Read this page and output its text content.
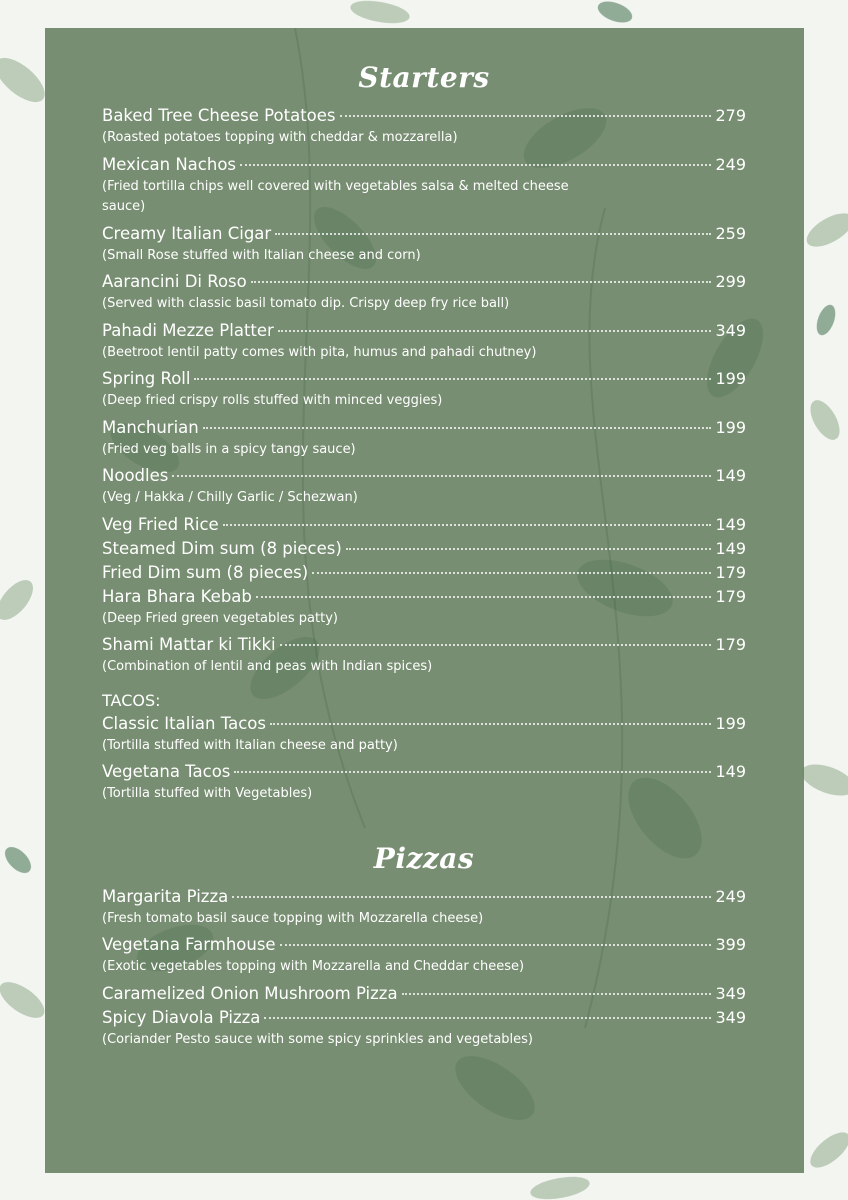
Starters
Baked Tree Cheese Potatoes	279
(Roasted potatoes topping with cheddar & mozzarella)
Mexican Nachos	249
(Fried tortilla chips well covered with vegetables salsa & melted cheese sauce)
Creamy Italian Cigar	259
(Small Rose stuffed with Italian cheese and corn)
Aarancini Di Roso	299
(Served with classic basil tomato dip. Crispy deep fry rice ball)
Pahadi Mezze Platter	349
(Beetroot lentil patty comes with pita, humus and pahadi chutney)
Spring Roll	199
(Deep fried crispy rolls stuffed with minced veggies)
Manchurian	199
(Fried veg balls in a spicy tangy sauce)
Noodles	149
(Veg / Hakka / Chilly Garlic / Schezwan)
Veg Fried Rice	149
Steamed Dim sum (8 pieces)	149
Fried Dim sum (8 pieces)	179
Hara Bhara Kebab	179
(Deep Fried green vegetables patty)
Shami Mattar ki Tikki	179
(Combination of lentil and peas with Indian spices)
TACOS:
Classic Italian Tacos	199
(Tortilla stuffed with Italian cheese and patty)
Vegetana Tacos	149
(Tortilla stuffed with Vegetables)
Pizzas
Margarita Pizza	249
(Fresh tomato basil sauce topping with Mozzarella cheese)
Vegetana Farmhouse	399
(Exotic vegetables topping with Mozzarella and Cheddar cheese)
Caramelized Onion Mushroom Pizza	349
Spicy Diavola Pizza	349
(Coriander Pesto sauce with some spicy sprinkles and vegetables)
